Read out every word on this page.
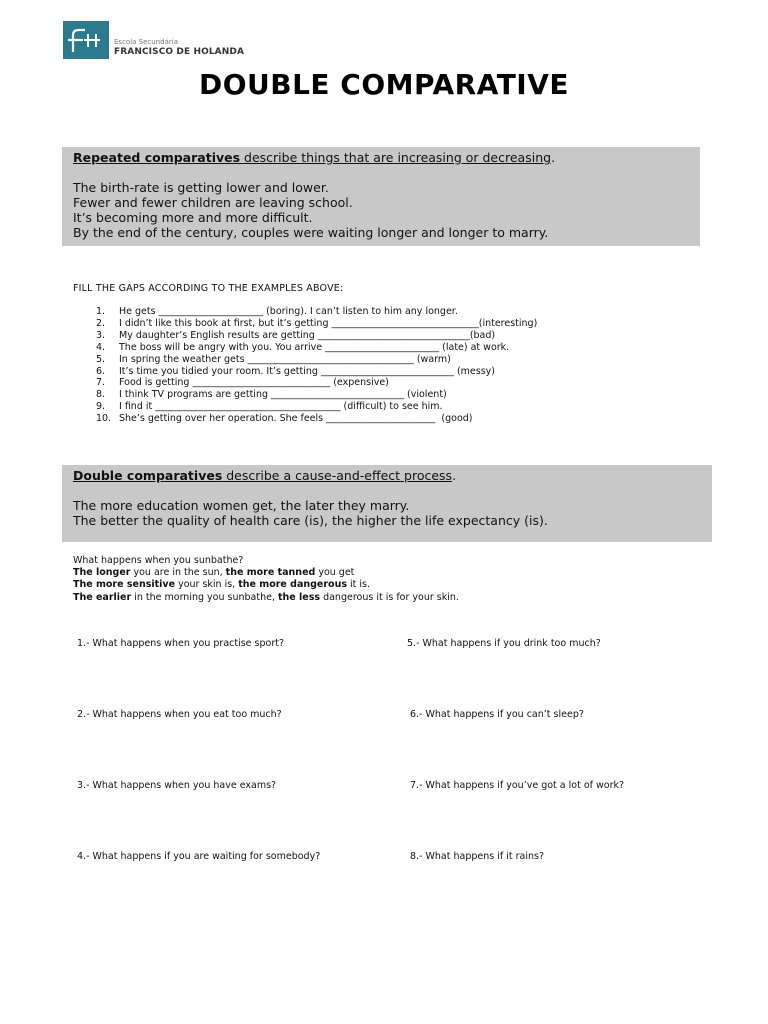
Escola Secundária
FRANCISCO DE HOLANDA
DOUBLE COMPARATIVE
Repeated comparatives describe things that are increasing or decreasing.
The birth-rate is getting lower and lower.
Fewer and fewer children are leaving school.
It’s becoming more and more difficult.
By the end of the century, couples were waiting longer and longer to marry.
FILL THE GAPS ACCORDING TO THE EXAMPLES ABOVE:
1. He gets ______________________ (boring). I can’t listen to him any longer.
2. I didn’t like this book at first, but it’s getting _______________________________(interesting)
3. My daughter’s English results are getting ________________________________(bad)
4. The boss will be angry with you. You arrive ________________________ (late) at work.
5. In spring the weather gets ___________________________________ (warm)
6. It’s time you tidied your room. It’s getting ____________________________ (messy)
7. Food is getting _____________________________ (expensive)
8. I think TV programs are getting ____________________________ (violent)
9. I find it _______________________________________ (difficult) to see him.
10. She’s getting over her operation. She feels _______________________  (good)
Double comparatives describe a cause-and-effect process.
The more education women get, the later they marry.
The better the quality of health care (is), the higher the life expectancy (is).
What happens when you sunbathe?
The longer you are in the sun, the more tanned you get
The more sensitive your skin is, the more dangerous it is.
The earlier in the morning you sunbathe, the less dangerous it is for your skin.
1.- What happens when you practise sport?
2.- What happens when you eat too much?
3.- What happens when you have exams?
4.- What happens if you are waiting for somebody?
5.- What happens if you drink too much?
6.- What happens if you can’t sleep?
7.- What happens if you’ve got a lot of work?
8.- What happens if it rains?
